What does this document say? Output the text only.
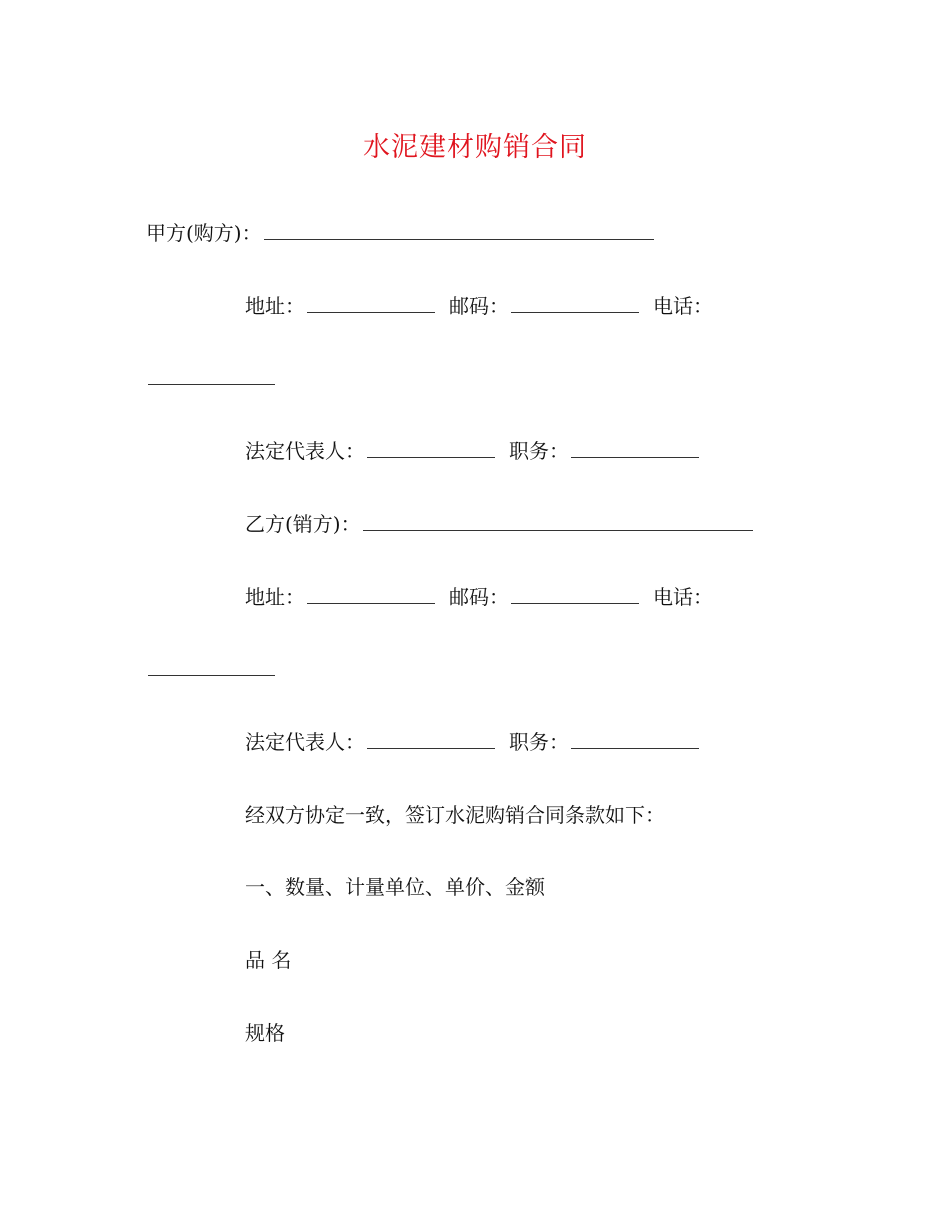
水泥建材购销合同
甲方(购方)：
地址：	邮码：	电话：
法定代表人：	职务：
乙方(销方)：
地址：	邮码：	电话：
法定代表人：	职务：
经双方协定一致，签订水泥购销合同条款如下：
一、数量、计量单位、单价、金额
品 名
规格
